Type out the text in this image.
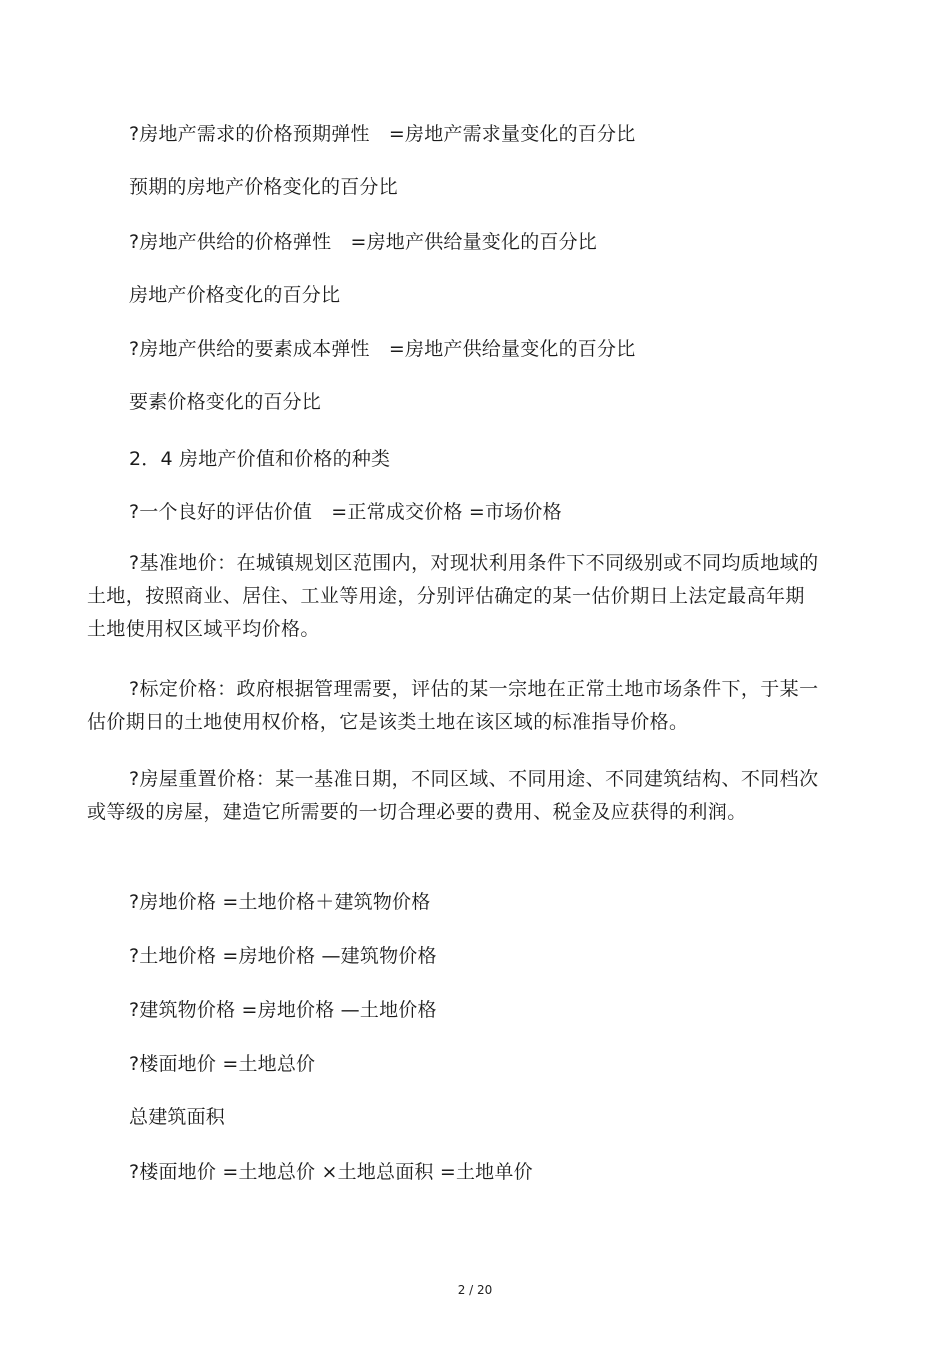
?房地产需求的价格预期弹性　=房地产需求量变化的百分比
预期的房地产价格变化的百分比
?房地产供给的价格弹性　=房地产供给量变化的百分比
房地产价格变化的百分比
?房地产供给的要素成本弹性　=房地产供给量变化的百分比
要素价格变化的百分比
2．4 房地产价值和价格的种类
?一个良好的评估价值　=正常成交价格 =市场价格
?基准地价：在城镇规划区范围内，对现状利用条件下不同级别或不同均质地域的土地，按照商业、居住、工业等用途，分别评估确定的某一估价期日上法定最高年期土地使用权区域平均价格。
?标定价格：政府根据管理需要，评估的某一宗地在正常土地市场条件下，于某一估价期日的土地使用权价格，它是该类土地在该区域的标准指导价格。
?房屋重置价格：某一基准日期，不同区域、不同用途、不同建筑结构、不同档次或等级的房屋，建造它所需要的一切合理必要的费用、税金及应获得的利润。
?房地价格 =土地价格＋建筑物价格
?土地价格 =房地价格 —建筑物价格
?建筑物价格 =房地价格 —土地价格
?楼面地价 =土地总价
总建筑面积
?楼面地价 =土地总价 ×土地总面积 =土地单价
2 / 20
